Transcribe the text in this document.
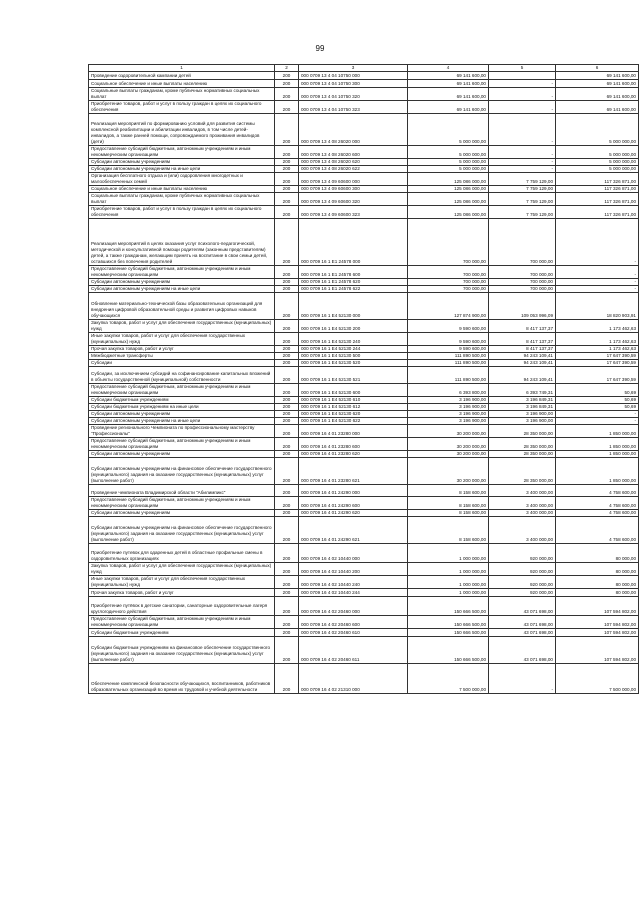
99
1	2	3	4	5	6
Проведение оздоровительной кампании детей	200	000 0709 13 4 04 10750 000	69 141 600,00		69 141 600,00
Социальное обеспечение и иные выплаты населению	200	000 0709 13 4 04 10750 300	69 141 600,00	-	69 141 600,00
Социальные выплаты гражданам, кроме публичных нормативных социальных выплат	200	000 0709 13 4 04 10750 320	69 141 600,00	-	69 141 600,00
Приобретение товаров, работ и услуг в пользу граждан в целях их социального обеспечения	200	000 0709 13 4 04 10750 323	69 141 600,00	-	69 141 600,00
Реализация мероприятий по формированию условий для развития системы комплексной реабилитации и абилитации инвалидов, в том числе детей-инвалидов, а также ранней помощи, сопровождаемого проживания инвалидов (дети)	200	000 0709 13 4 08 26020 000	5 000 000,00	-	5 000 000,00
Предоставление субсидий бюджетным, автономным учреждениям и иным некоммерческим организациям	200	000 0709 13 4 08 26020 600	5 000 000,00	-	5 000 000,00
Субсидии автономным учреждениям	200	000 0709 13 4 08 26020 620	5 000 000,00	-	5 000 000,00
Субсидии автономным учреждениям на иные цели	200	000 0709 13 4 08 26020 622	5 000 000,00	-	5 000 000,00
Организация бесплатного отдыха и (или) оздоровления многодетных и малообеспеченных семей	200	000 0709 13 4 09 60600 000	125 086 000,00	7 759 129,00	117 326 871,00
Социальное обеспечение и иные выплаты населению	200	000 0709 13 4 09 60600 300	125 086 000,00	7 759 129,00	117 326 871,00
Социальные выплаты гражданам, кроме публичных нормативных социальных выплат	200	000 0709 13 4 09 60600 320	125 086 000,00	7 759 129,00	117 326 871,00
Приобретение товаров, работ и услуг в пользу граждан в целях их социального обеспечения	200	000 0709 13 4 09 60600 323	125 086 000,00	7 759 129,00	117 326 871,00
Реализация мероприятий в целях оказания услуг психолого-педагогической, методической и консультативной помощи родителям (законным представителям) детей, а также гражданам, желающим принять на воспитание в свои семьи детей, оставшихся без попечения родителей	200	000 0709 16 1 E1 24578 000	700 000,00	700 000,00	-
Предоставление субсидий бюджетным, автономным учреждениям и иным некоммерческим организациям	200	000 0709 16 1 E1 24578 600	700 000,00	700 000,00	-
Субсидии автономным учреждениям	200	000 0709 16 1 E1 24578 620	700 000,00	700 000,00	-
Субсидии автономным учреждениям на иные цели	200	000 0709 16 1 E1 24578 622	700 000,00	700 000,00	-
Обновление материально-технической базы образовательных организаций для внедрения цифровой образовательной среды и развития цифровых навыков обучающихся	200	000 0709 16 1 E4 52130 000	127 874 900,00	109 053 996,09	18 820 903,91
Закупка товаров, работ и услуг для обеспечения государственных (муниципальных) нужд	200	000 0709 16 1 E4 52130 200	9 590 600,00	8 417 137,37	1 173 462,63
Иные закупки товаров, работ и услуг для обеспечения государственных (муниципальных) нужд	200	000 0709 16 1 E4 52130 240	9 590 600,00	8 417 137,37	1 173 462,63
Прочая закупка товаров, работ и услуг	200	000 0709 16 1 E4 52130 244	9 590 600,00	8 417 137,37	1 173 462,63
Межбюджетные трансферты	200	000 0709 16 1 E4 52130 500	111 890 500,00	94 243 109,41	17 647 390,59
Субсидии	200	000 0709 16 1 E4 52130 520	111 890 500,00	94 243 109,41	17 647 390,59
Субсидии, за исключением субсидий на софинансирование капитальных вложений в объекты государственной (муниципальной) собственности	200	000 0709 16 1 E4 52130 521	111 890 500,00	94 243 109,41	17 647 390,59
Предоставление субсидий бюджетным, автономным учреждениям и иным некоммерческим организациям	200	000 0709 16 1 E4 52130 600	6 393 800,00	6 393 749,31	50,69
Субсидии бюджетным учреждениям	200	000 0709 16 1 E4 52130 610	3 196 900,00	3 196 849,31	50,69
Субсидии бюджетным учреждениям на иные цели	200	000 0709 16 1 E4 52130 612	3 196 900,00	3 196 849,31	50,69
Субсидии автономным учреждениям	200	000 0709 16 1 E4 52130 620	3 196 900,00	3 196 900,00	-
Субсидии автономным учреждениям на иные цели	200	000 0709 16 1 E4 52130 622	3 196 900,00	3 196 900,00	-
Проведение регионального Чемпионата по профессиональному мастерству "Профессионалы"	200	000 0709 16 4 01 23280 000	30 200 000,00	28 350 000,00	1 850 000,00
Предоставление субсидий бюджетным, автономным учреждениям и иным некоммерческим организациям	200	000 0709 16 4 01 23280 600	30 200 000,00	28 350 000,00	1 850 000,00
Субсидии автономным учреждениям	200	000 0709 16 4 01 23280 620	30 200 000,00	28 350 000,00	1 850 000,00
Субсидии автономным учреждениям на финансовое обеспечение государственного (муниципального) задания на оказание государственных (муниципальных) услуг (выполнение работ)	200	000 0709 16 4 01 23280 621	30 200 000,00	28 350 000,00	1 850 000,00
Проведение чемпионата Владимирской области "Абилимпикс"	200	000 0709 16 4 01 24290 000	8 158 600,00	3 400 000,00	4 758 600,00
Предоставление субсидий бюджетным, автономным учреждениям и иным некоммерческим организациям	200	000 0709 16 4 01 24290 600	8 158 600,00	3 400 000,00	4 758 600,00
Субсидии автономным учреждениям	200	000 0709 16 4 01 24290 620	8 158 600,00	3 400 000,00	4 758 600,00
Субсидии автономным учреждениям на финансовое обеспечение государственного (муниципального) задания на оказание государственных (муниципальных) услуг (выполнение работ)	200	000 0709 16 4 01 24290 621	8 158 600,00	3 400 000,00	4 758 600,00
Приобретение путевок для одаренных детей в областные профильные смены в оздоровительных организациях	200	000 0709 16 4 02 10440 000	1 000 000,00	920 000,00	80 000,00
Закупка товаров, работ и услуг для обеспечения государственных (муниципальных) нужд	200	000 0709 16 4 02 10440 200	1 000 000,00	920 000,00	80 000,00
Иные закупки товаров, работ и услуг для обеспечения государственных (муниципальных) нужд	200	000 0709 16 4 02 10440 240	1 000 000,00	920 000,00	80 000,00
Прочая закупка товаров, работ и услуг	200	000 0709 16 4 02 10440 244	1 000 000,00	920 000,00	80 000,00
Приобретение путёвок в детские санатории, санаторные оздоровительные лагеря круглогодичного действия	200	000 0709 16 4 02 20460 000	150 666 500,00	43 071 698,00	107 594 802,00
Предоставление субсидий бюджетным, автономным учреждениям и иным некоммерческим организациям	200	000 0709 16 4 02 20460 600	150 666 500,00	43 071 698,00	107 594 802,00
Субсидии бюджетным учреждениям	200	000 0709 16 4 02 20460 610	150 666 500,00	43 071 698,00	107 594 802,00
Субсидии бюджетным учреждениям на финансовое обеспечение государственного (муниципального) задания на оказание государственных (муниципальных) услуг (выполнение работ)	200	000 0709 16 4 02 20460 611	150 666 500,00	43 071 698,00	107 594 802,00
Обеспечение комплексной безопасности обучающихся, воспитанников, работников образовательных организаций во время их трудовой и учебной деятельности	200	000 0709 16 4 02 21310 000	7 500 000,00	-	7 500 000,00
